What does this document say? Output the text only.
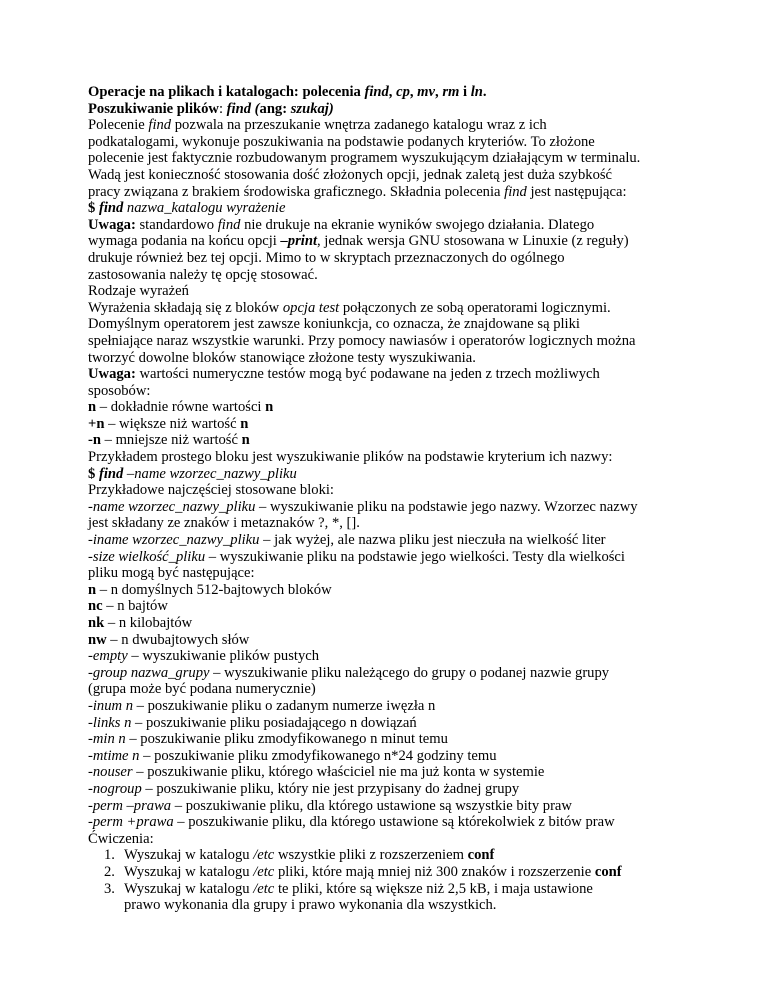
Operacje na plikach i katalogach: polecenia find, cp, mv, rm i ln.
Poszukiwanie plików: find (ang: szukaj)
Polecenie find pozwala na przeszukanie wnętrza zadanego katalogu wraz z ich
podkatalogami, wykonuje poszukiwania na podstawie podanych kryteriów. To złożone
polecenie jest faktycznie rozbudowanym programem wyszukującym działającym w terminalu.
Wadą jest konieczność stosowania dość złożonych opcji, jednak zaletą jest duża szybkość
pracy związana z brakiem środowiska graficznego. Składnia polecenia find jest następująca:
$ find nazwa_katalogu wyrażenie
Uwaga: standardowo find nie drukuje na ekranie wyników swojego działania. Dlatego
wymaga podania na końcu opcji –print, jednak wersja GNU stosowana w Linuxie (z reguły)
drukuje również bez tej opcji. Mimo to w skryptach przeznaczonych do ogólnego
zastosowania należy tę opcję stosować.
Rodzaje wyrażeń
Wyrażenia składają się z bloków opcja test połączonych ze sobą operatorami logicznymi.
Domyślnym operatorem jest zawsze koniunkcja, co oznacza, że znajdowane są pliki
spełniające naraz wszystkie warunki. Przy pomocy nawiasów i operatorów logicznych można
tworzyć dowolne bloków stanowiące złożone testy wyszukiwania.
Uwaga: wartości numeryczne testów mogą być podawane na jeden z trzech możliwych
sposobów:
n – dokładnie równe wartości n
+n – większe niż wartość n
-n – mniejsze niż wartość n
Przykładem prostego bloku jest wyszukiwanie plików na podstawie kryterium ich nazwy:
$ find –name wzorzec_nazwy_pliku
Przykładowe najczęściej stosowane bloki:
-name wzorzec_nazwy_pliku – wyszukiwanie pliku na podstawie jego nazwy. Wzorzec nazwy
jest składany ze znaków i metaznaków ?, *, [].
-iname wzorzec_nazwy_pliku – jak wyżej, ale nazwa pliku jest nieczuła na wielkość liter
-size wielkość_pliku – wyszukiwanie pliku na podstawie jego wielkości. Testy dla wielkości
pliku mogą być następujące:
n – n domyślnych 512-bajtowych bloków
nc – n bajtów
nk – n kilobajtów
nw – n dwubajtowych słów
-empty – wyszukiwanie plików pustych
-group nazwa_grupy – wyszukiwanie pliku należącego do grupy o podanej nazwie grupy
(grupa może być podana numerycznie)
-inum n – poszukiwanie pliku o zadanym numerze iwęzła n
-links n – poszukiwanie pliku posiadającego n dowiązań
-min n – poszukiwanie pliku zmodyfikowanego n minut temu
-mtime n – poszukiwanie pliku zmodyfikowanego n*24 godziny temu
-nouser – poszukiwanie pliku, którego właściciel nie ma już konta w systemie
-nogroup – poszukiwanie pliku, który nie jest przypisany do żadnej grupy
-perm –prawa – poszukiwanie pliku, dla którego ustawione są wszystkie bity praw
-perm +prawa – poszukiwanie pliku, dla którego ustawione są którekolwiek z bitów praw
Ćwiczenia:
1. Wyszukaj w katalogu /etc wszystkie pliki z rozszerzeniem conf
2. Wyszukaj w katalogu /etc pliki, które mają mniej niż 300 znaków i rozszerzenie conf
3. Wyszukaj w katalogu /etc te pliki, które są większe niż 2,5 kB, i maja ustawione
prawo wykonania dla grupy i prawo wykonania dla wszystkich.
